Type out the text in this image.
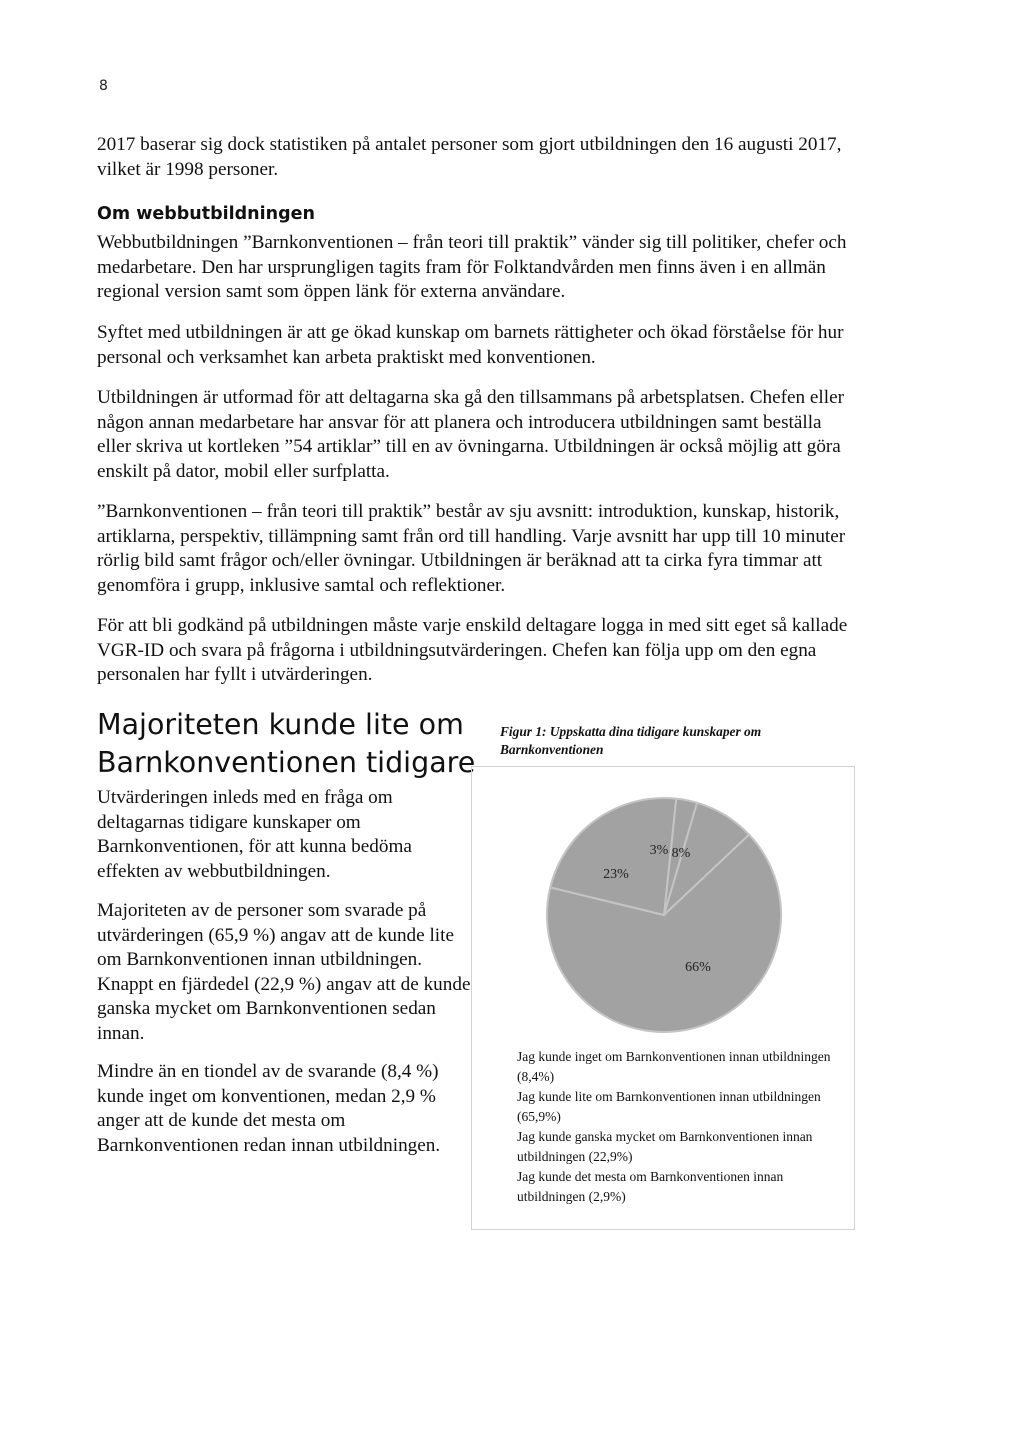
8

2017 baserar sig dock statistiken på antalet personer som gjort utbildningen den 16 augusti 2017, vilket är 1998 personer.

Om webbutbildningen

Webbutbildningen ”Barnkonventionen – från teori till praktik” vänder sig till politiker, chefer och medarbetare. Den har ursprungligen tagits fram för Folktandvården men finns även i en allmän regional version samt som öppen länk för externa användare.

Syftet med utbildningen är att ge ökad kunskap om barnets rättigheter och ökad förståelse för hur personal och verksamhet kan arbeta praktiskt med konventionen.

Utbildningen är utformad för att deltagarna ska gå den tillsammans på arbetsplatsen. Chefen eller någon annan medarbetare har ansvar för att planera och introducera utbildningen samt beställa eller skriva ut kortleken ”54 artiklar” till en av övningarna. Utbildningen är också möjlig att göra enskilt på dator, mobil eller surfplatta.

”Barnkonventionen – från teori till praktik” består av sju avsnitt: introduktion, kunskap, historik, artiklarna, perspektiv, tillämpning samt från ord till handling. Varje avsnitt har upp till 10 minuter rörlig bild samt frågor och/eller övningar. Utbildningen är beräknad att ta cirka fyra timmar att genomföra i grupp, inklusive samtal och reflektioner.

För att bli godkänd på utbildningen måste varje enskild deltagare logga in med sitt eget så kallade VGR-ID och svara på frågorna i utbildningsutvärderingen. Chefen kan följa upp om den egna personalen har fyllt i utvärderingen.

Majoriteten kunde lite om Barnkonventionen tidigare

Utvärderingen inleds med en fråga om deltagarnas tidigare kunskaper om Barnkonventionen, för att kunna bedöma effekten av webbutbildningen.

Majoriteten av de personer som svarade på utvärderingen (65,9 %) angav att de kunde lite om Barnkonventionen innan utbildningen. Knappt en fjärdedel (22,9 %) angav att de kunde ganska mycket om Barnkonventionen sedan innan.

Mindre än en tiondel av de svarande (8,4 %) kunde inget om konventionen, medan 2,9 % anger att de kunde det mesta om Barnkonventionen redan innan utbildningen.

Figur 1: Uppskatta dina tidigare kunskaper om Barnkonventionen

8%
66%
23%
3%
Jag kunde inget om Barnkonventionen innan utbildningen (8,4%)
Jag kunde lite om Barnkonventionen innan utbildningen (65,9%)
Jag kunde ganska mycket om Barnkonventionen innan utbildningen (22,9%)
Jag kunde det mesta om Barnkonventionen innan utbildningen (2,9%)
